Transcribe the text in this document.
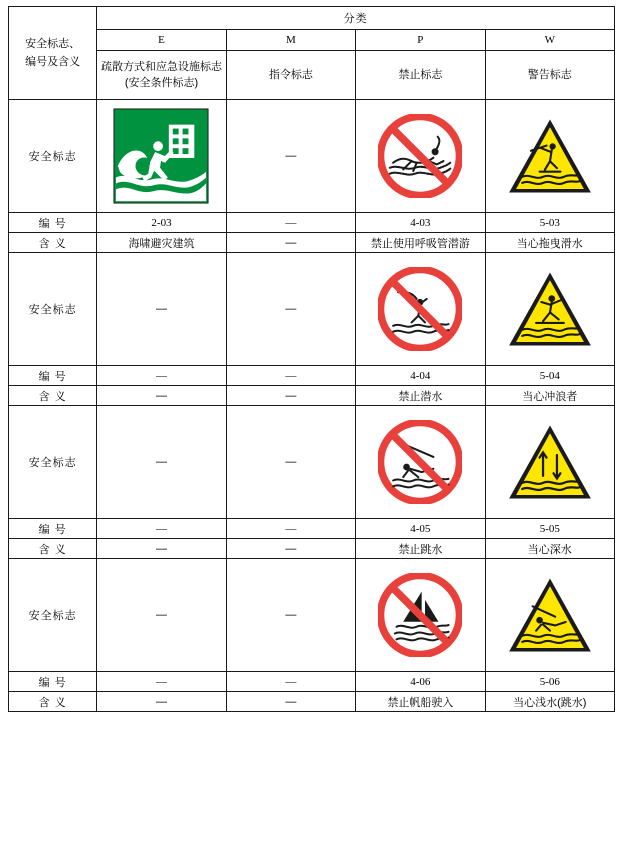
安全标志、
编号及含义	分类			
	E	M	P	W
	疏散方式和应急设施标志(安全条件标志)	指令标志	禁止标志	警告标志
安全标志		—	

编 号	2-03	—	4-03	5-03
含 义	海啸避灾建筑	—	禁止使用呼吸管潜游	当心拖曳滑水
安全标志	—	—	

编 号	—	—	4-04	5-04
含 义	—	—	禁止潜水	当心冲浪者
安全标志	—	—	

编 号	—	—	4-05	5-05
含 义	—	—	禁止跳水	当心深水
安全标志	—	—	

编 号	—	—	4-06	5-06
含 义	—	—	禁止帆船驶入	当心浅水(跳水)
